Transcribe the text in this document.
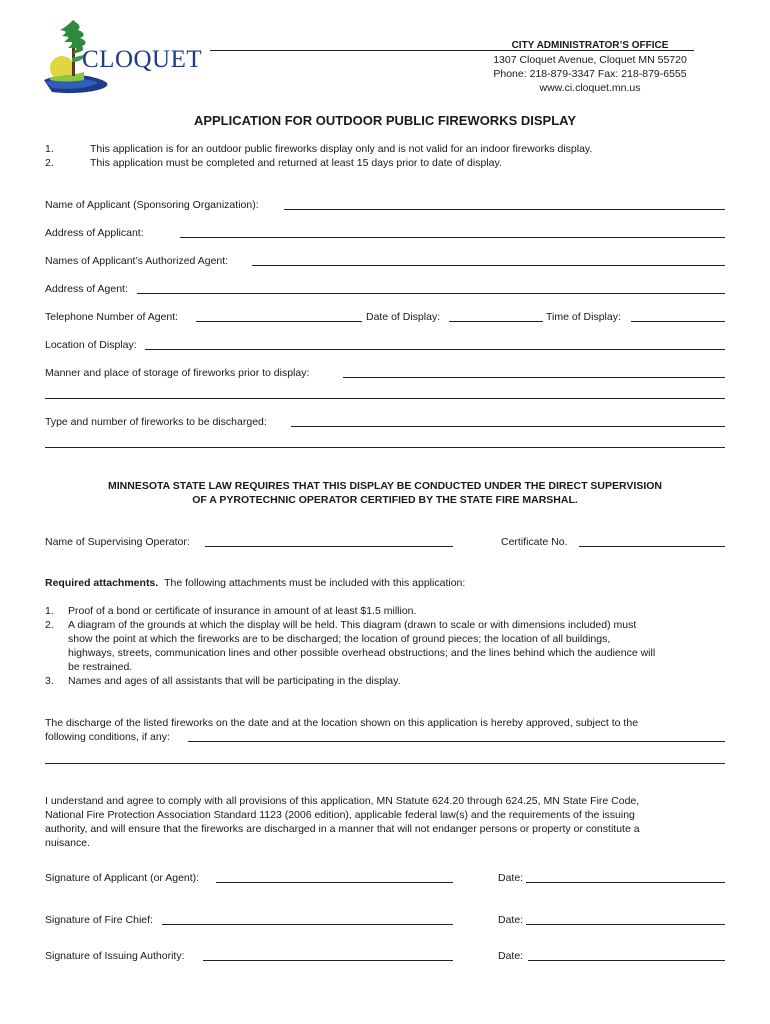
CLOQUET
CITY ADMINISTRATOR’S OFFICE
1307 Cloquet Avenue, Cloquet MN 55720
Phone: 218-879-3347 Fax: 218-879-6555
www.ci.cloquet.mn.us
APPLICATION FOR OUTDOOR PUBLIC FIREWORKS DISPLAY
1.	This application is for an outdoor public fireworks display only and is not valid for an indoor fireworks display.
2.	This application must be completed and returned at least 15 days prior to date of display.
Name of Applicant (Sponsoring Organization):
Address of Applicant:
Names of Applicant’s Authorized Agent:
Address of Agent:
Telephone Number of Agent:	Date of Display:	Time of Display:
Location of Display:
Manner and place of storage of fireworks prior to display:
Type and number of fireworks to be discharged:
MINNESOTA STATE LAW REQUIRES THAT THIS DISPLAY BE CONDUCTED UNDER THE DIRECT SUPERVISION
OF A PYROTECHNIC OPERATOR CERTIFIED BY THE STATE FIRE MARSHAL.
Name of Supervising Operator:	Certificate No.
Required attachments. The following attachments must be included with this application:
1. Proof of a bond or certificate of insurance in amount of at least $1.5 million.
2. A diagram of the grounds at which the display will be held. This diagram (drawn to scale or with dimensions included) must
show the point at which the fireworks are to be discharged; the location of ground pieces; the location of all buildings,
highways, streets, communication lines and other possible overhead obstructions; and the lines behind which the audience will
be restrained.
3. Names and ages of all assistants that will be participating in the display.
The discharge of the listed fireworks on the date and at the location shown on this application is hereby approved, subject to the
following conditions, if any:
I understand and agree to comply with all provisions of this application, MN Statute 624.20 through 624.25, MN State Fire Code,
National Fire Protection Association Standard 1123 (2006 edition), applicable federal law(s) and the requirements of the issuing
authority, and will ensure that the fireworks are discharged in a manner that will not endanger persons or property or constitute a
nuisance.
Signature of Applicant (or Agent):	Date:
Signature of Fire Chief:	Date:
Signature of Issuing Authority:	Date:
